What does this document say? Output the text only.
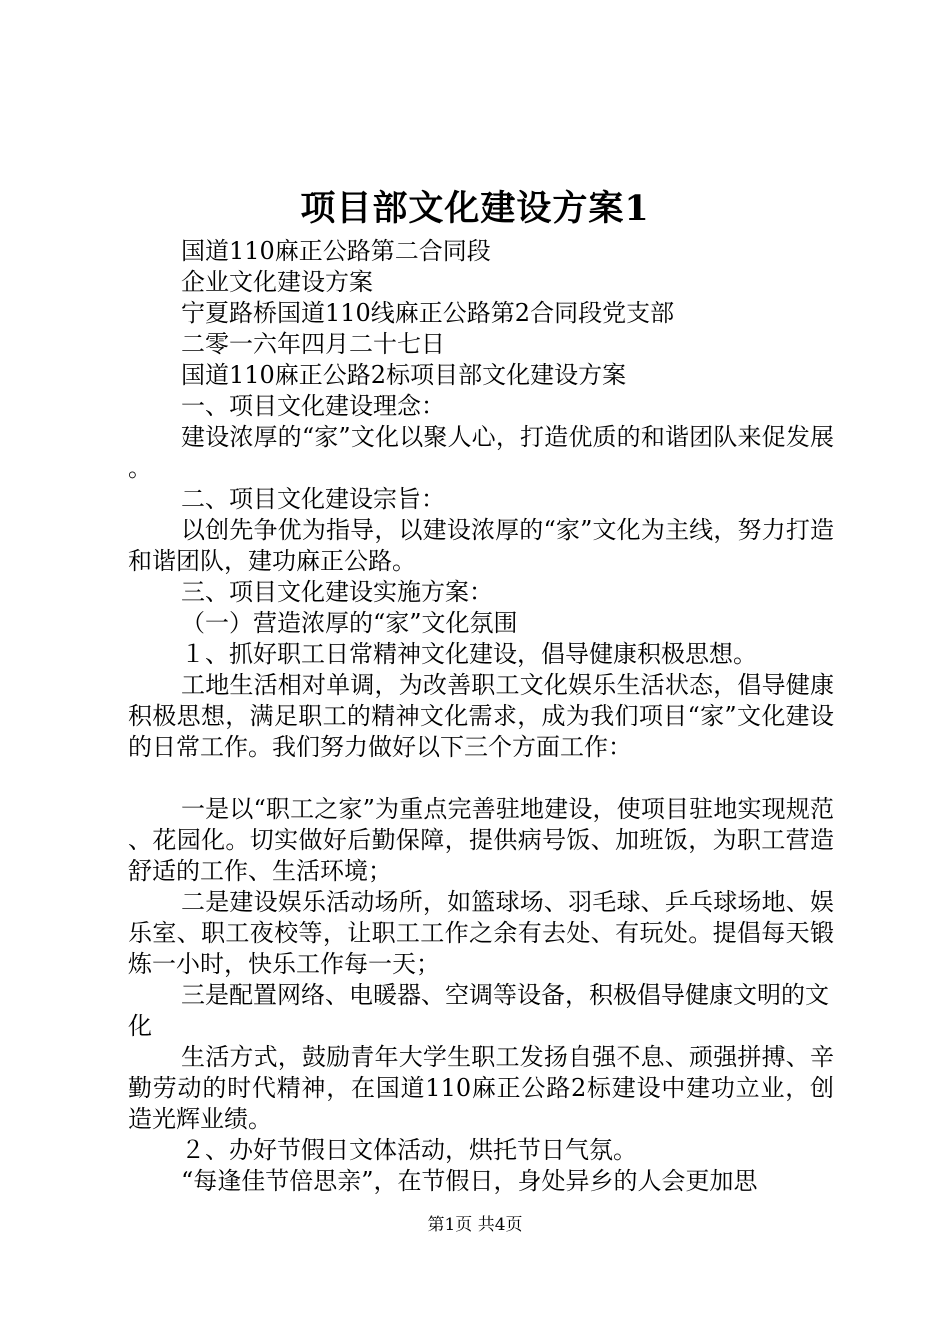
项目部文化建设方案1

国道110麻正公路第二合同段

企业文化建设方案

宁夏路桥国道110线麻正公路第2合同段党支部

二零一六年四月二十七日

国道110麻正公路2标项目部文化建设方案

一、项目文化建设理念：

建设浓厚的“家”文化以聚人心，打造优质的和谐团队来促发展。

二、项目文化建设宗旨：

以创先争优为指导，以建设浓厚的“家”文化为主线，努力打造和谐团队，建功麻正公路。

三、项目文化建设实施方案：

（一）营造浓厚的“家”文化氛围

１、抓好职工日常精神文化建设，倡导健康积极思想。

工地生活相对单调，为改善职工文化娱乐生活状态，倡导健康积极思想，满足职工的精神文化需求，成为我们项目“家”文化建设的日常工作。我们努力做好以下三个方面工作：

一是以“职工之家”为重点完善驻地建设，使项目驻地实现规范、花园化。切实做好后勤保障，提供病号饭、加班饭，为职工营造舒适的工作、生活环境；

二是建设娱乐活动场所，如篮球场、羽毛球、乒乓球场地、娱乐室、职工夜校等，让职工工作之余有去处、有玩处。提倡每天锻炼一小时，快乐工作每一天；

三是配置网络、电暖器、空调等设备，积极倡导健康文明的文化

生活方式，鼓励青年大学生职工发扬自强不息、顽强拼搏、辛勤劳动的时代精神，在国道110麻正公路2标建设中建功立业，创造光辉业绩。

２、办好节假日文体活动，烘托节日气氛。

“每逢佳节倍思亲”，在节假日，身处异乡的人会更加思

第1页 共4页
